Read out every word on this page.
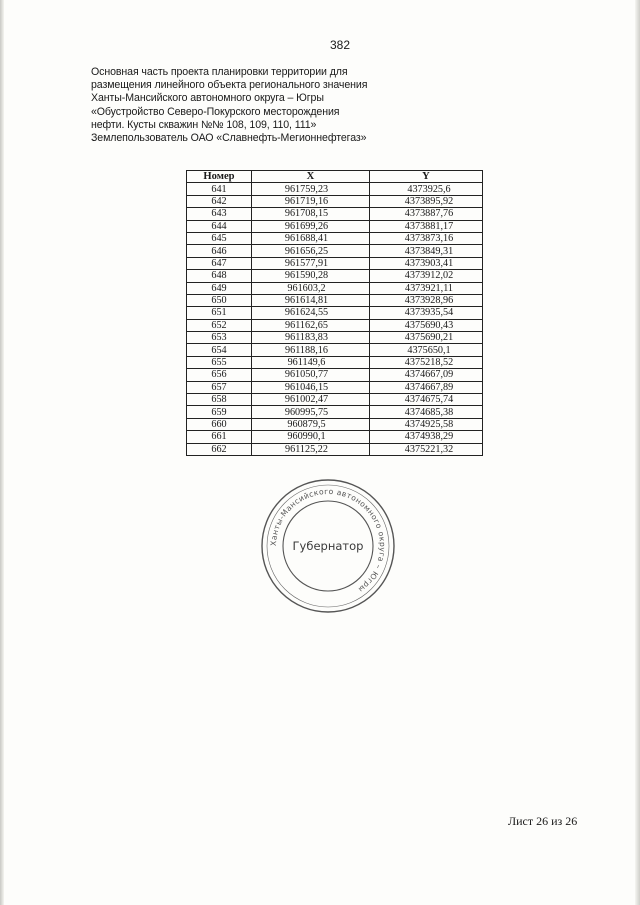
382
Основная часть проекта планировки территории для
размещения линейного объекта регионального значения
Ханты-Мансийского автономного округа – Югры
«Обустройство Северо-Покурского месторождения
нефти. Кусты скважин №№ 108, 109, 110, 111»
Землепользователь ОАО «Славнефть-Мегионнефтегаз»
Номер	X	Y
641	961759,23	4373925,6
642	961719,16	4373895,92
643	961708,15	4373887,76
644	961699,26	4373881,17
645	961688,41	4373873,16
646	961656,25	4373849,31
647	961577,91	4373903,41
648	961590,28	4373912,02
649	961603,2	4373921,11
650	961614,81	4373928,96
651	961624,55	4373935,54
652	961162,65	4375690,43
653	961183,83	4375690,21
654	961188,16	4375650,1
655	961149,6	4375218,52
656	961050,77	4374667,09
657	961046,15	4374667,89
658	961002,47	4374675,74
659	960995,75	4374685,38
660	960879,5	4374925,58
661	960990,1	4374938,29
662	961125,22	4375221,32
Ханты-Мансийского автономного округа – Югры
Губернатор
Лист 26 из 26
